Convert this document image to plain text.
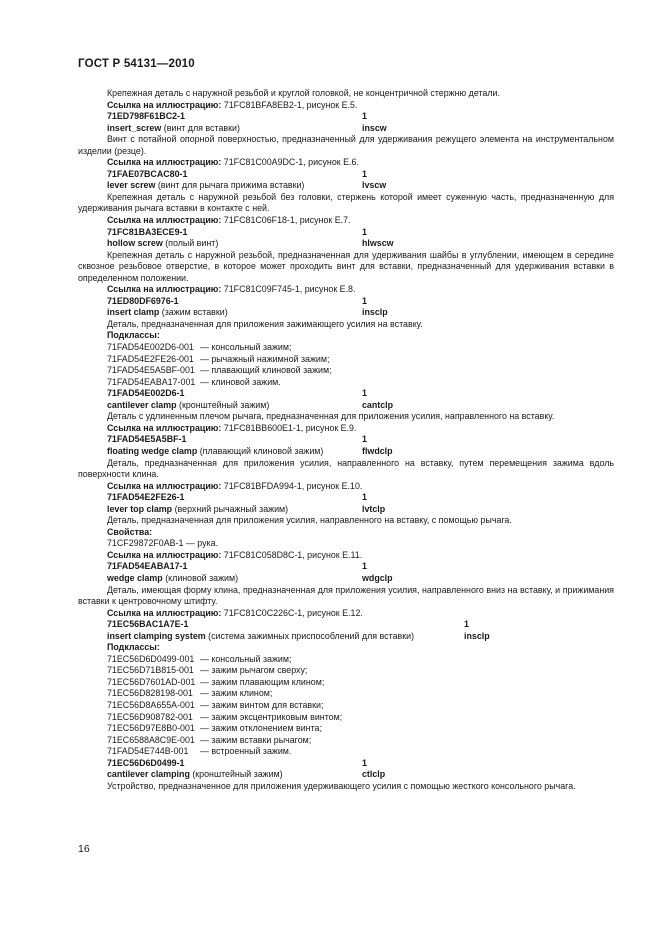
ГОСТ Р 54131—2010
Крепежная деталь с наружной резьбой и круглой головкой, не концентричной стержню детали.
Ссылка на иллюстрацию: 71FC81BFA8EB2-1, рисунок E.5.
71ED798F61BC2-1	1
insert_screw (винт для вставки)	inscw
Винт с потайной опорной поверхностью, предназначенный для удерживания режущего элемента на инструментальном изделии (резце).
Ссылка на иллюстрацию: 71FC81C00A9DC-1, рисунок E.6.
71FAE07BCAC80-1	1
lever screw (винт для рычага прижима вставки)	lvscw
Крепежная деталь с наружной резьбой без головки, стержень которой имеет суженную часть, предназначенную для удерживания рычага вставки в контакте с ней.
Ссылка на иллюстрацию: 71FC81C06F18-1, рисунок E.7.
71FC81BA3ECE9-1	1
hollow screw (полый винт)	hlwscw
Крепежная деталь с наружной резьбой, предназначенная для удерживания шайбы в углублении, имеющем в середине сквозное резьбовое отверстие, в которое может проходить винт для вставки, предназначенный для удерживания вставки в определенном положении.
Ссылка на иллюстрацию: 71FC81C09F745-1, рисунок E.8.
71ED80DF6976-1	1
insert clamp (зажим вставки)	insclp
Деталь, предназначенная для приложения зажимающего усилия на вставку.
Подклассы:
71FAD54E002D6-001 — консольный зажим;
71FAD54E2FE26-001 — рычажный нажимной зажим;
71FAD54E5A5BF-001 — плавающий клиновой зажим;
71FAD54EABA17-001 — клиновой зажим.
71FAD54E002D6-1	1
cantilever clamp (кронштейный зажим)	cantclp
Деталь с удлиненным плечом рычага, предназначенная для приложения усилия, направленного на вставку.
Ссылка на иллюстрацию: 71FC81BB600E1-1, рисунок E.9.
71FAD54E5A5BF-1	1
floating wedge clamp (плавающий клиновой зажим)	flwdclp
Деталь, предназначенная для приложения усилия, направленного на вставку, путем перемещения зажима вдоль поверхности клина.
Ссылка на иллюстрацию: 71FC81BFDA994-1, рисунок E.10.
71FAD54E2FE26-1	1
lever top clamp (верхний рычажный зажим)	lvtclp
Деталь, предназначенная для приложения усилия, направленного на вставку, с помощью рычага.
Свойства:
71CF29872F0AB-1 — рука.
Ссылка на иллюстрацию: 71FC81C058D8C-1, рисунок E.11.
71FAD54EABA17-1	1
wedge clamp (клиновой зажим)	wdgclp
Деталь, имеющая форму клина, предназначенная для приложения усилия, направленного вниз на вставку, и прижимания вставки к центровочному штифту.
Ссылка на иллюстрацию: 71FC81C0C226C-1, рисунок E.12.
71EC56BAC1A7E-1	1
insert clamping system (система зажимных приспособлений для вставки)	insclp
Подклассы:
71EC56D6D0499-001 — консольный зажим;
71EC56D71B815-001 — зажим рычагом сверху;
71EC56D7601AD-001 — зажим плавающим клином;
71EC56D828198-001 — зажим клином;
71EC56D8A655A-001 — зажим винтом для вставки;
71EC56D908782-001 — зажим эксцентриковым винтом;
71EC56D97E8B0-001 — зажим отклонением винта;
71EC6588A8C9E-001 — зажим вставки рычагом;
71FAD54E744B-001 — встроенный зажим.
71EC56D6D0499-1	1
cantilever clamping (кронштейный зажим)	ctlclp
Устройство, предназначенное для приложения удерживающего усилия с помощью жесткого консольного рычага.
16
